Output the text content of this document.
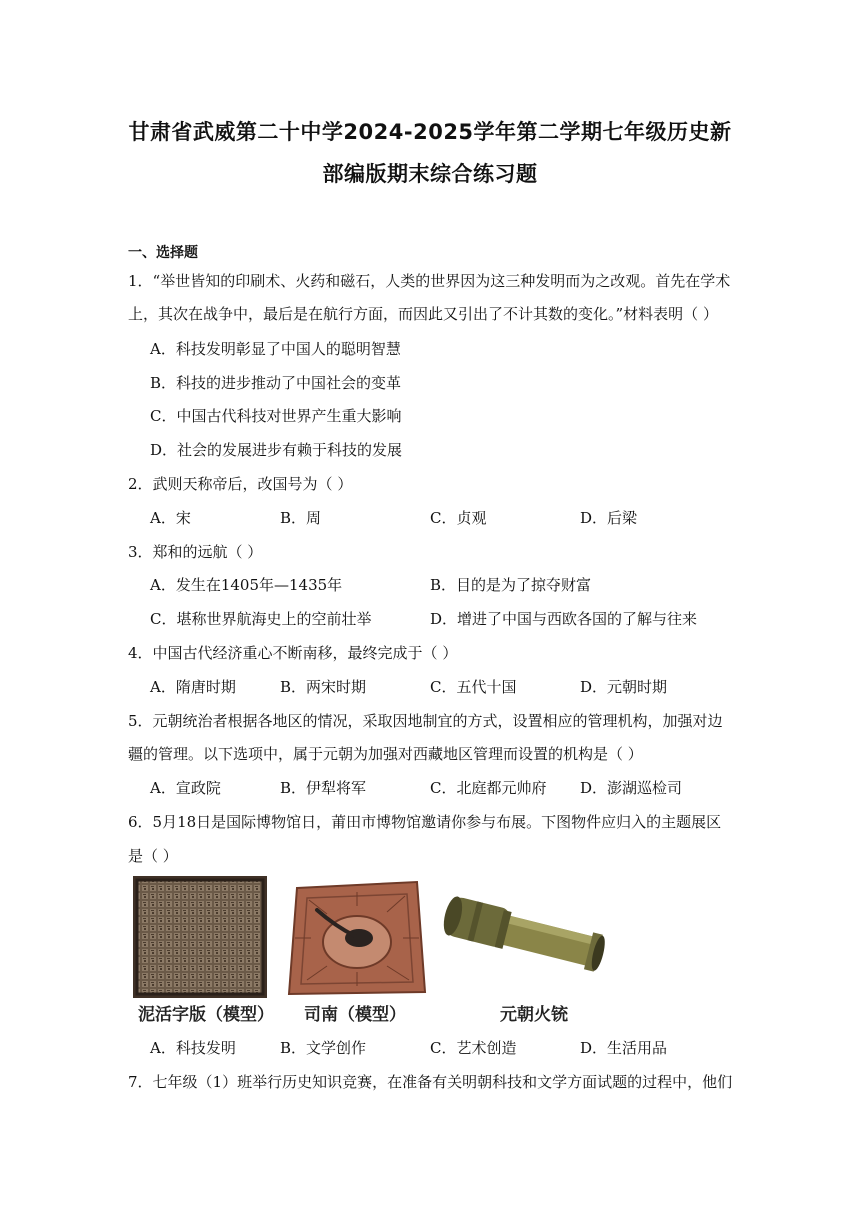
甘肃省武威第二十中学2024-2025学年第二学期七年级历史新
部编版期末综合练习题
一、选择题
1．“举世皆知的印刷术、火药和磁石，人类的世界因为这三种发明而为之改观。首先在学术
上，其次在战争中，最后是在航行方面，而因此又引出了不计其数的变化。”材料表明（ ）
A．科技发明彰显了中国人的聪明智慧
B．科技的进步推动了中国社会的变革
C．中国古代科技对世界产生重大影响
D．社会的发展进步有赖于科技的发展
2．武则天称帝后，改国号为（ ）
A．宋	B．周	C．贞观	D．后梁
3．郑和的远航（ ）
A．发生在1405年—1435年	B．目的是为了掠夺财富
C．堪称世界航海史上的空前壮举	D．增进了中国与西欧各国的了解与往来
4．中国古代经济重心不断南移，最终完成于（ ）
A．隋唐时期	B．两宋时期	C．五代十国	D．元朝时期
5．元朝统治者根据各地区的情况，采取因地制宜的方式，设置相应的管理机构，加强对边
疆的管理。以下选项中，属于元朝为加强对西藏地区管理而设置的机构是（ ）
A．宣政院	B．伊犁将军	C．北庭都元帅府 D．澎湖巡检司
6．5月18日是国际博物馆日，莆田市博物馆邀请你参与布展。下图物件应归入的主题展区
是（ ）
泥活字版（模型） 司南（模型）	元朝火铳
A．科技发明	B．文学创作	C．艺术创造	D．生活用品
7．七年级（1）班举行历史知识竞赛，在准备有关明朝科技和文学方面试题的过程中，他们
